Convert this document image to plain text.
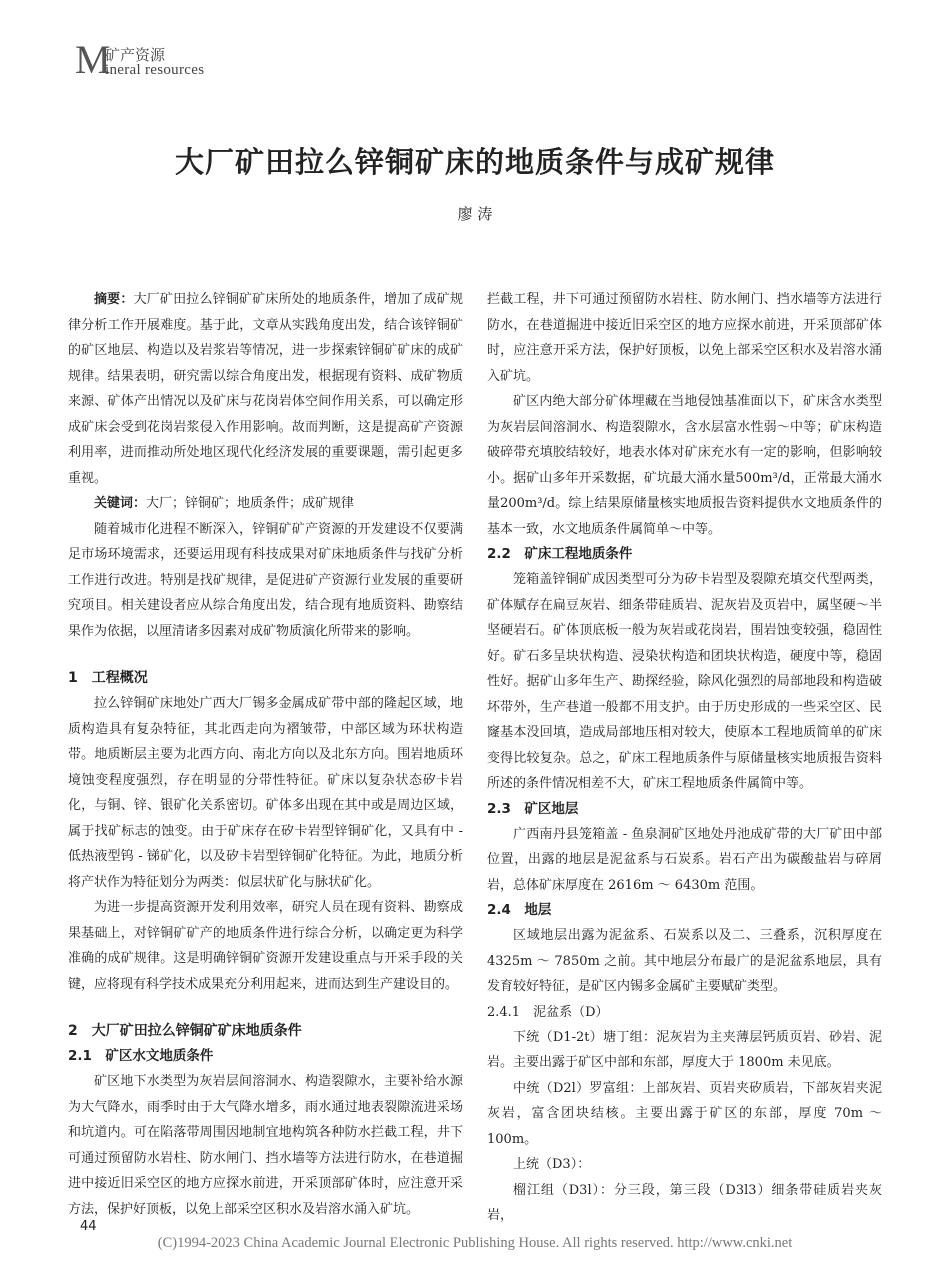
M
矿产资源
ineral resources
大厂矿田拉么锌铜矿床的地质条件与成矿规律
廖 涛

摘要：大厂矿田拉么锌铜矿矿床所处的地质条件，增加了成矿规律分析工作开展难度。基于此，文章从实践角度出发，结合该锌铜矿的矿区地层、构造以及岩浆岩等情况，进一步探索锌铜矿矿床的成矿规律。结果表明，研究需以综合角度出发，根据现有资料、成矿物质来源、矿体产出情况以及矿床与花岗岩体空间作用关系，可以确定形成矿床会受到花岗岩浆侵入作用影响。故而判断，这是提高矿产资源利用率，进而推动所处地区现代化经济发展的重要课题，需引起更多重视。

关键词：大厂；锌铜矿；地质条件；成矿规律

随着城市化进程不断深入，锌铜矿矿产资源的开发建设不仅要满足市场环境需求，还要运用现有科技成果对矿床地质条件与找矿分析工作进行改进。特别是找矿规律，是促进矿产资源行业发展的重要研究项目。相关建设者应从综合角度出发，结合现有地质资料、勘察结果作为依据，以厘清诸多因素对成矿物质演化所带来的影响。

1　工程概况

拉么锌铜矿床地处广西大厂锡多金属成矿带中部的隆起区域，地质构造具有复杂特征，其北西走向为褶皱带，中部区域为环状构造带。地质断层主要为北西方向、南北方向以及北东方向。围岩地质环境蚀变程度强烈，存在明显的分带性特征。矿床以复杂状态矽卡岩化，与铜、锌、银矿化关系密切。矿体多出现在其中或是周边区域，属于找矿标志的蚀变。由于矿床存在矽卡岩型锌铜矿化，又具有中 - 低热液型钨 - 锑矿化，以及矽卡岩型锌铜矿化特征。为此，地质分析将产状作为特征划分为两类：似层状矿化与脉状矿化。

为进一步提高资源开发利用效率，研究人员在现有资料、勘察成果基础上，对锌铜矿矿产的地质条件进行综合分析，以确定更为科学准确的成矿规律。这是明确锌铜矿资源开发建设重点与开采手段的关键，应将现有科学技术成果充分利用起来，进而达到生产建设目的。

2　大厂矿田拉么锌铜矿矿床地质条件
2.1　矿区水文地质条件

矿区地下水类型为灰岩层间溶洞水、构造裂隙水，主要补给水源为大气降水，雨季时由于大气降水增多，雨水通过地表裂隙流进采场和坑道内。可在陷落带周围因地制宜地构筑各种防水拦截工程，井下可通过预留防水岩柱、防水闸门、挡水墙等方法进行防水，在巷道掘进中接近旧采空区的地方应探水前进，开采顶部矿体时，应注意开采方法，保护好顶板，以免上部采空区积水及岩溶水涌入矿坑。

拦截工程，井下可通过预留防水岩柱、防水闸门、挡水墙等方法进行防水，在巷道掘进中接近旧采空区的地方应探水前进，开采顶部矿体时，应注意开采方法，保护好顶板，以免上部采空区积水及岩溶水涌入矿坑。

矿区内绝大部分矿体埋藏在当地侵蚀基准面以下，矿床含水类型为灰岩层间溶洞水、构造裂隙水，含水层富水性弱～中等；矿床构造破碎带充填胶结较好，地表水体对矿床充水有一定的影响，但影响较小。据矿山多年开采数据，矿坑最大涌水量500m³/d，正常最大涌水量200m³/d。综上结果原储量核实地质报告资料提供水文地质条件的基本一致，水文地质条件属简单～中等。

2.2　矿床工程地质条件

笼箱盖锌铜矿成因类型可分为矽卡岩型及裂隙充填交代型两类，矿体赋存在扁豆灰岩、细条带硅质岩、泥灰岩及页岩中，属坚硬～半坚硬岩石。矿体顶底板一般为灰岩或花岗岩，围岩蚀变较强，稳固性好。矿石多呈块状构造、浸染状构造和团块状构造，硬度中等，稳固性好。据矿山多年生产、勘探经验，除风化强烈的局部地段和构造破坏带外，生产巷道一般都不用支护。由于历史形成的一些采空区、民窿基本没回填，造成局部地压相对较大，使原本工程地质简单的矿床变得比较复杂。总之，矿床工程地质条件与原储量核实地质报告资料所述的条件情况相差不大，矿床工程地质条件属简中等。

2.3　矿区地层

广西南丹县笼箱盖 - 鱼泉洞矿区地处丹池成矿带的大厂矿田中部位置，出露的地层是泥盆系与石炭系。岩石产出为碳酸盐岩与碎屑岩，总体矿床厚度在 2616m ～ 6430m 范围。

2.4　地层

区域地层出露为泥盆系、石炭系以及二、三叠系，沉积厚度在 4325m ～ 7850m 之前。其中地层分布最广的是泥盆系地层，具有发育较好特征，是矿区内锡多金属矿主要赋矿类型。

2.4.1　泥盆系（D）

下统（D1-2t）塘丁组：泥灰岩为主夹薄层钙质页岩、砂岩、泥岩。主要出露于矿区中部和东部，厚度大于 1800m 未见底。

中统（D2l）罗富组：上部灰岩、页岩夹矽质岩，下部灰岩夹泥灰岩，富含团块结核。主要出露于矿区的东部，厚度 70m ～ 100m。

上统（D3）：

榴江组（D3l）：分三段，第三段（D3l3）细条带硅质岩夹灰岩，

44
(C)1994-2023 China Academic Journal Electronic Publishing House. All rights reserved. http://www.cnki.net
